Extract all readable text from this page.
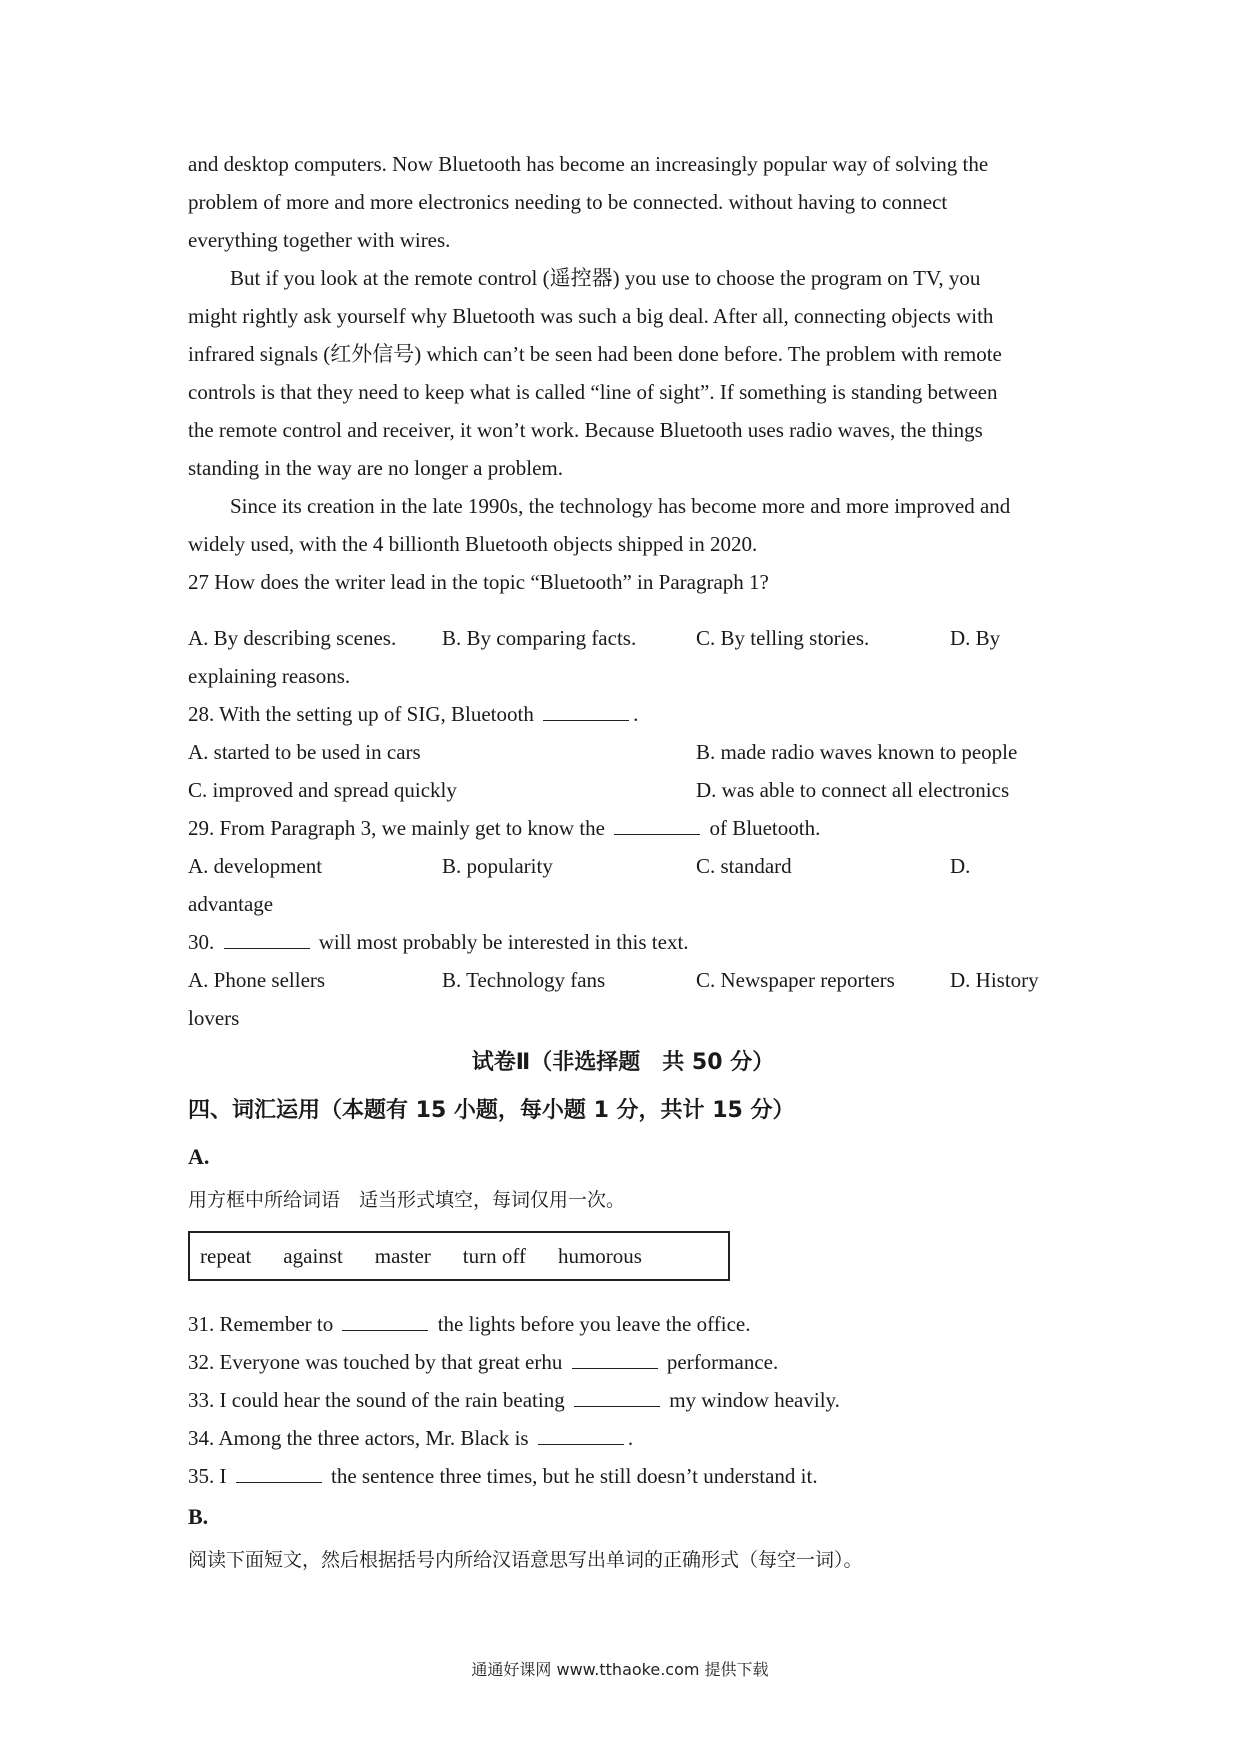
and desktop computers. Now Bluetooth has become an increasingly popular way of solving the
problem of more and more electronics needing to be connected. without having to connect
everything together with wires.
But if you look at the remote control (遥控器) you use to choose the program on TV, you
might rightly ask yourself why Bluetooth was such a big deal. After all, connecting objects with
infrared signals (红外信号) which can’t be seen had been done before. The problem with remote
controls is that they need to keep what is called “line of sight”. If something is standing between
the remote control and receiver, it won’t work. Because Bluetooth uses radio waves, the things
standing in the way are no longer a problem.
Since its creation in the late 1990s, the technology has become more and more improved and
widely used, with the 4 billionth Bluetooth objects shipped in 2020.
27 How does the writer lead in the topic “Bluetooth” in Paragraph 1?
A. By describing scenes.	B. By comparing facts.	C. By telling stories.	D. By
explaining reasons.
28. With the setting up of SIG, Bluetooth	.
A. started to be used in cars	B. made radio waves known to people
C. improved and spread quickly	D. was able to connect all electronics
29. From Paragraph 3, we mainly get to know the	of Bluetooth.
A. development	B. popularity	C. standard	D.
advantage
30.	will most probably be interested in this text.
A. Phone sellers	B. Technology fans	C. Newspaper reporters	D. History
lovers
试卷Ⅱ（非选择题　共 50 分）
四、词汇运用（本题有 15 小题，每小题 1 分，共计 15 分）
A.
用方框中所给词语　适当形式填空，每词仅用一次。
repeat against master turn off humorous
31. Remember to	the lights before you leave the office.
32. Everyone was touched by that great erhu	performance.
33. I could hear the sound of the rain beating	my window heavily.
34. Among the three actors, Mr. Black is	.
35. I	the sentence three times, but he still doesn’t understand it.
B.
阅读下面短文，然后根据括号内所给汉语意思写出单词的正确形式（每空一词）。
通通好课网 www.tthaoke.com 提供下载
